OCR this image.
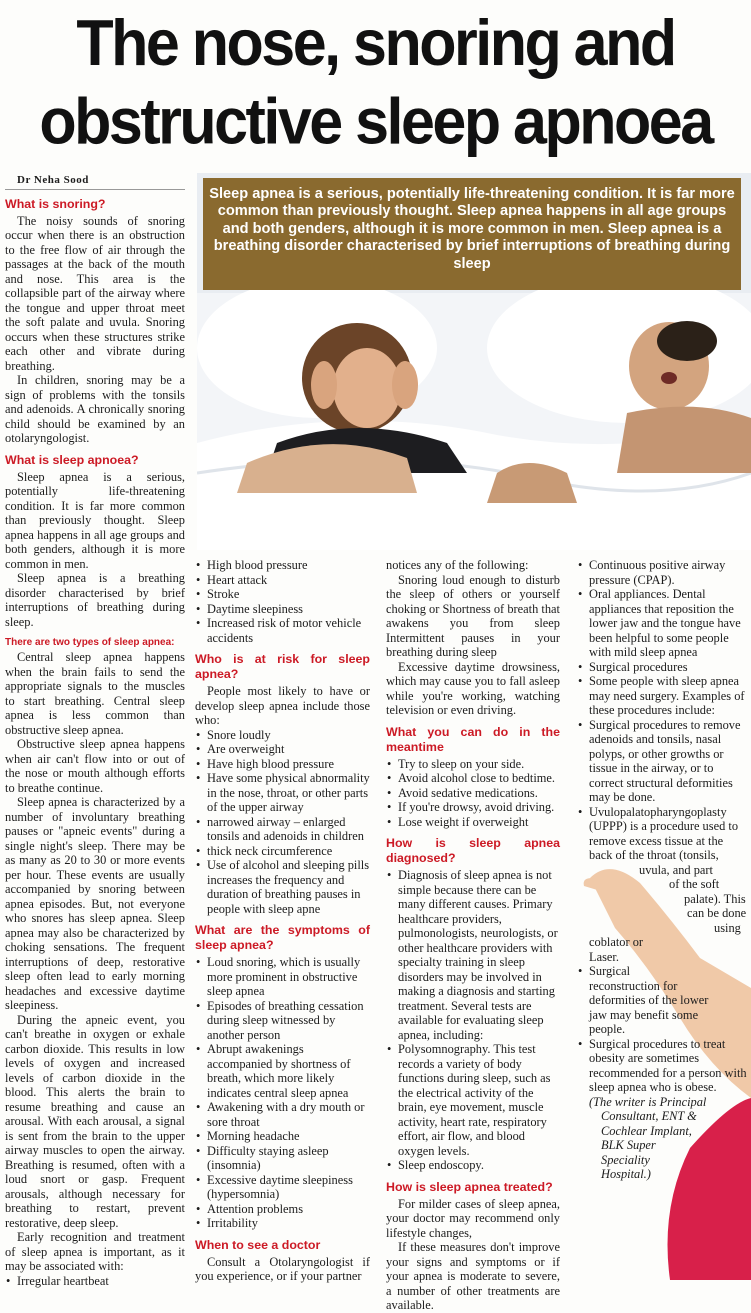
The nose, snoring and
obstructive sleep apnoea
Sleep apnea is a serious, potentially life-threatening condition. It is far more common than previously thought. Sleep apnea happens in all age groups and both genders, although it is more common in men. Sleep apnea is a breathing disorder characterised by brief interruptions of breathing during sleep

Dr Neha Sood

What is snoring?

The noisy sounds of snoring occur when there is an obstruction to the free flow of air through the passages at the back of the mouth and nose. This area is the collapsible part of the airway where the tongue and upper throat meet the soft palate and uvula. Snoring occurs when these structures strike each other and vibrate during breathing.

In children, snoring may be a sign of problems with the tonsils and adenoids. A chronically snoring child should be examined by an otolaryngologist.

What is sleep apnoea?

Sleep apnea is a serious, potentially life-threatening condition. It is far more common than previously thought. Sleep apnea happens in all age groups and both genders, although it is more common in men.

Sleep apnea is a breathing disorder characterised by brief interruptions of breathing during sleep.

There are two types of sleep apnea:

Central sleep apnea happens when the brain fails to send the appropriate signals to the muscles to start breathing. Central sleep apnea is less common than obstructive sleep apnea.

Obstructive sleep apnea happens when air can't flow into or out of the nose or mouth although efforts to breathe continue.

Sleep apnea is characterized by a number of involuntary breathing pauses or "apneic events" during a single night's sleep. There may be as many as 20 to 30 or more events per hour. These events are usually accompanied by snoring between apnea episodes. But, not everyone who snores has sleep apnea. Sleep apnea may also be characterized by choking sensations. The frequent interruptions of deep, restorative sleep often lead to early morning headaches and excessive daytime sleepiness.

During the apneic event, you can't breathe in oxygen or exhale carbon dioxide. This results in low levels of oxygen and increased levels of carbon dioxide in the blood. This alerts the brain to resume breathing and cause an arousal. With each arousal, a signal is sent from the brain to the upper airway muscles to open the airway. Breathing is resumed, often with a loud snort or gasp. Frequent arousals, although necessary for breathing to restart, prevent restorative, deep sleep.

Early recognition and treatment of sleep apnea is important, as it may be associated with:

• Irregular heartbeat
• High blood pressure
• Heart attack
• Stroke
• Daytime sleepiness
• Increased risk of motor vehicle accidents
Who is at risk for sleep apnea?

People most likely to have or develop sleep apnea include those who:

• Snore loudly
• Are overweight
• Have high blood pressure
• Have some physical abnormality in the nose, throat, or other parts of the upper airway
• narrowed airway – enlarged tonsils and adenoids in children
• thick neck circumference
• Use of alcohol and sleeping pills increases the frequency and duration of breathing pauses in people with sleep apne
What are the symptoms of sleep apnea?
• Loud snoring, which is usually more prominent in obstructive sleep apnea
• Episodes of breathing cessation during sleep witnessed by another person
• Abrupt awakenings accompanied by shortness of breath, which more likely indicates central sleep apnea
• Awakening with a dry mouth or sore throat
• Morning headache
• Difficulty staying asleep (insomnia)
• Excessive daytime sleepiness (hypersomnia)
• Attention problems
• Irritability
When to see a doctor

Consult a Otolaryngologist if you experience, or if your partner

notices any of the following:

Snoring loud enough to disturb the sleep of others or yourself choking or Shortness of breath that awakens you from sleep Intermittent pauses in your breathing during sleep

Excessive daytime drowsiness, which may cause you to fall asleep while you're working, watching television or even driving.

What you can do in the meantime
• Try to sleep on your side.
• Avoid alcohol close to bedtime.
• Avoid sedative medications.
• If you're drowsy, avoid driving.
• Lose weight if overweight
How is sleep apnea diagnosed?
• Diagnosis of sleep apnea is not simple because there can be many different causes. Primary healthcare providers, pulmonologists, neurologists, or other healthcare providers with specialty training in sleep disorders may be involved in making a diagnosis and starting treatment. Several tests are available for evaluating sleep apnea, including:
• Polysomnography. This test records a variety of body functions during sleep, such as the electrical activity of the brain, eye movement, muscle activity, heart rate, respiratory effort, air flow, and blood oxygen levels.
• Sleep endoscopy.
How is sleep apnea treated?

For milder cases of sleep apnea, your doctor may recommend only lifestyle changes,

If these measures don't improve your signs and symptoms or if your apnea is moderate to severe, a number of other treatments are available.

• Continuous positive airway pressure (CPAP).
• Oral appliances. Dental appliances that reposition the lower jaw and the tongue have been helpful to some people with mild sleep apnea
• Surgical procedures
• Some people with sleep apnea may need surgery. Examples of these procedures include:
• Surgical procedures to remove adenoids and tonsils, nasal polyps, or other growths or tissue in the airway, or to correct structural deformities may be done.
• Uvulopalatopharyngoplasty (UPPP) is a procedure used to remove excess tissue at the back of the throat (tonsils,
uvula, and part
of the soft
palate). This
can be done
using
coblator or Laser.
• Surgical reconstruction for
deformities of the lower jaw may benefit some people.
• Surgical procedures to treat obesity are sometimes recommended for a person with sleep apnea who is obese.
(The writer is Principal
Consultant, ENT &
Cochlear Implant,
BLK Super
Speciality
Hospital.)
